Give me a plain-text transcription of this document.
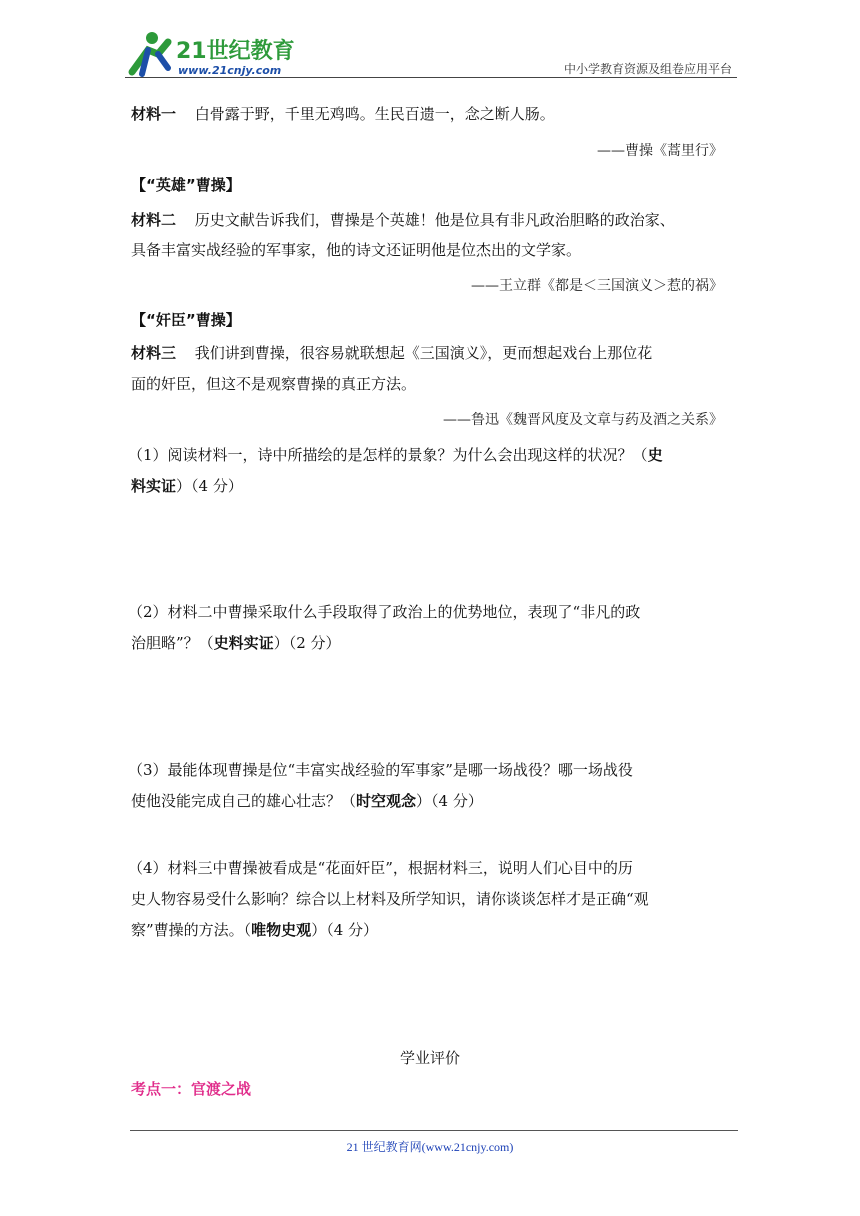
21世纪教育
www.21cnjy.com	中小学教育资源及组卷应用平台
材料一 白骨露于野，千里无鸡鸣。生民百遗一，念之断人肠。
——曹操《蒿里行》
【“英雄”曹操】
材料二 历史文献告诉我们，曹操是个英雄！他是位具有非凡政治胆略的政治家、
具备丰富实战经验的军事家，他的诗文还证明他是位杰出的文学家。
——王立群《都是＜三国演义＞惹的祸》
【“奸臣”曹操】
材料三 我们讲到曹操，很容易就联想起《三国演义》，更而想起戏台上那位花
面的奸臣，但这不是观察曹操的真正方法。
——鲁迅《魏晋风度及文章与药及酒之关系》
（1）阅读材料一，诗中所描绘的是怎样的景象？为什么会出现这样的状况？（史
料实证）（4 分）
（2）材料二中曹操采取什么手段取得了政治上的优势地位，表现了“非凡的政
治胆略”？（史料实证）（2 分）
（3）最能体现曹操是位“丰富实战经验的军事家”是哪一场战役？哪一场战役
使他没能完成自己的雄心壮志？（时空观念）（4 分）
（4）材料三中曹操被看成是“花面奸臣”，根据材料三，说明人们心目中的历
史人物容易受什么影响？综合以上材料及所学知识，请你谈谈怎样才是正确“观
察”曹操的方法。（唯物史观）（4 分）
学业评价
考点一：官渡之战
21 世纪教育网(www.21cnjy.com)
